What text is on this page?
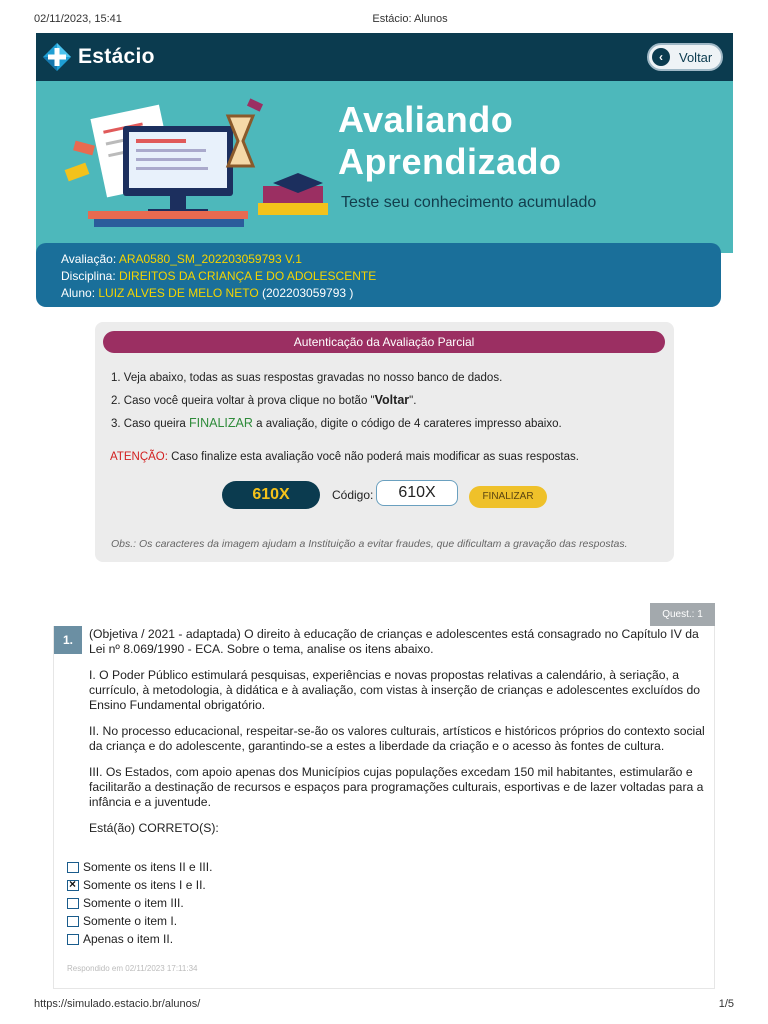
02/11/2023, 15:41	Estácio: Alunos
Estácio	‹	Voltar
Avaliando
Aprendizado
Teste seu conhecimento acumulado
Avaliação: ARA0580_SM_202203059793 V.1
Disciplina: DIREITOS DA CRIANÇA E DO ADOLESCENTE
Aluno: LUIZ ALVES DE MELO NETO (202203059793 )
Autenticação da Avaliação Parcial
1. Veja abaixo, todas as suas respostas gravadas no nosso banco de dados.
2. Caso você queira voltar à prova clique no botão "Voltar".
3. Caso queira FINALIZAR a avaliação, digite o código de 4 carateres impresso abaixo.
ATENÇÃO: Caso finalize esta avaliação você não poderá mais modificar as suas respostas.
610X	Código:
610X	FINALIZAR
Obs.: Os caracteres da imagem ajudam a Instituição a evitar fraudes, que dificultam a gravação das respostas.
Quest.: 1
1.	(Objetiva / 2021 - adaptada) O direito à educação de crianças e adolescentes está consagrado no Capítulo IV da Lei nº 8.069/1990 - ECA. Sobre o tema, analise os itens abaixo.

I. O Poder Público estimulará pesquisas, experiências e novas propostas relativas a calendário, à seriação, a currículo, à metodologia, à didática e à avaliação, com vistas à inserção de crianças e adolescentes excluídos do Ensino Fundamental obrigatório.

II. No processo educacional, respeitar-se-ão os valores culturais, artísticos e históricos próprios do contexto social da criança e do adolescente, garantindo-se a estes a liberdade da criação e o acesso às fontes de cultura.

III. Os Estados, com apoio apenas dos Municípios cujas populações excedam 150 mil habitantes, estimularão e facilitarão a destinação de recursos e espaços para programações culturais, esportivas e de lazer voltadas para a infância e a juventude.

Está(ão) CORRETO(S):

Somente os itens II e III.
×
Somente os itens I e II.
Somente o item III.
Somente o item I.
Apenas o item II.
Respondido em 02/11/2023 17:11:34
https://simulado.estacio.br/alunos/	1/5
